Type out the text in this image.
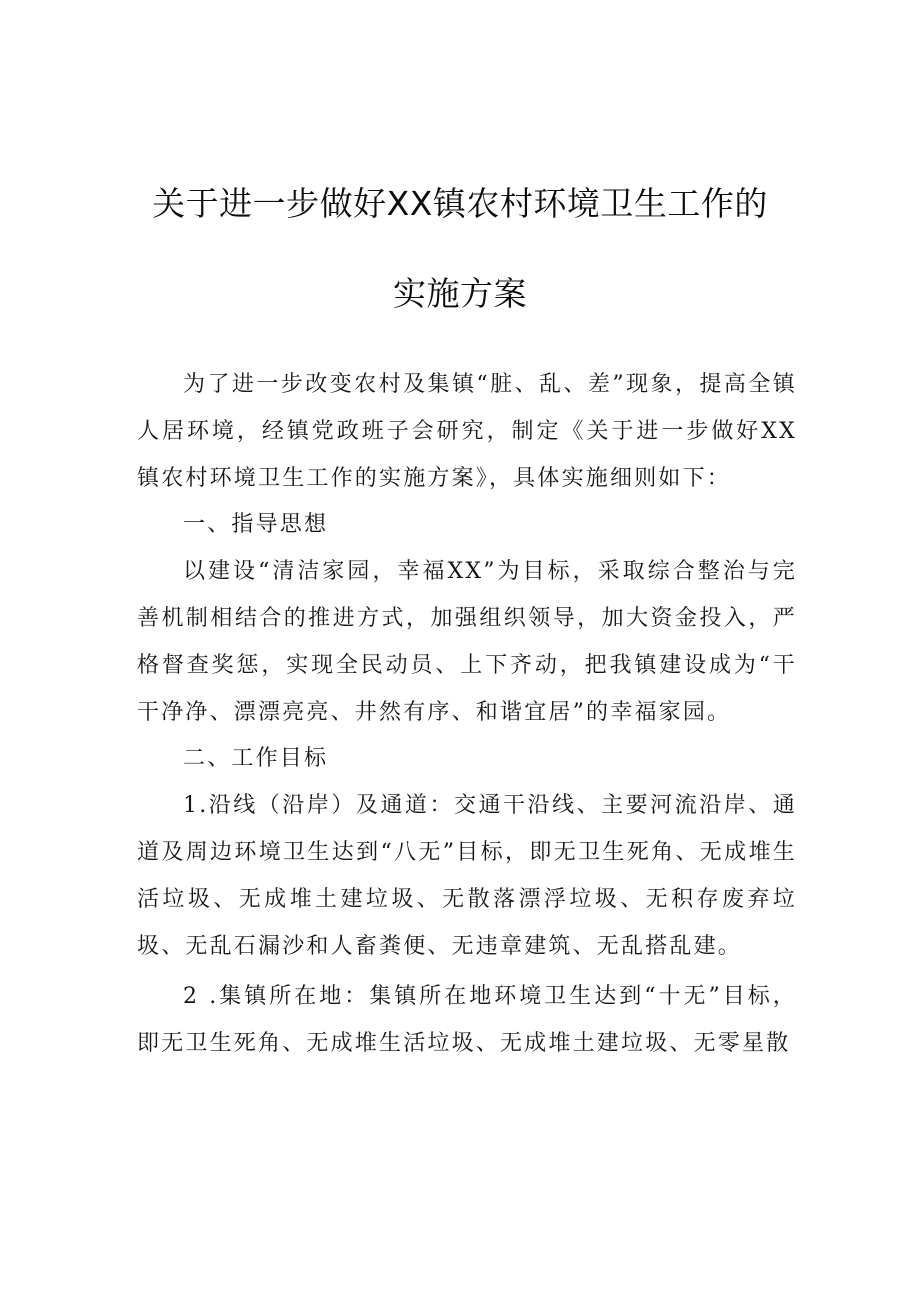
关于进一步做好XX镇农村环境卫生工作的
实施方案

为了进一步改变农村及集镇“脏、乱、差”现象，提高全镇人居环境，经镇党政班子会研究，制定《关于进一步做好XX镇农村环境卫生工作的实施方案》，具体实施细则如下：

一、指导思想

以建设“清洁家园，幸福XX”为目标，采取综合整治与完善机制相结合的推进方式，加强组织领导，加大资金投入，严格督查奖惩，实现全民动员、上下齐动，把我镇建设成为“干干净净、漂漂亮亮、井然有序、和谐宜居”的幸福家园。

二、工作目标

1.沿线（沿岸）及通道：交通干沿线、主要河流沿岸、通道及周边环境卫生达到“八无”目标，即无卫生死角、无成堆生活垃圾、无成堆土建垃圾、无散落漂浮垃圾、无积存废弃垃圾、无乱石漏沙和人畜粪便、无违章建筑、无乱搭乱建。

2 .集镇所在地：集镇所在地环境卫生达到“十无”目标，即无卫生死角、无成堆生活垃圾、无成堆土建垃圾、无零星散
